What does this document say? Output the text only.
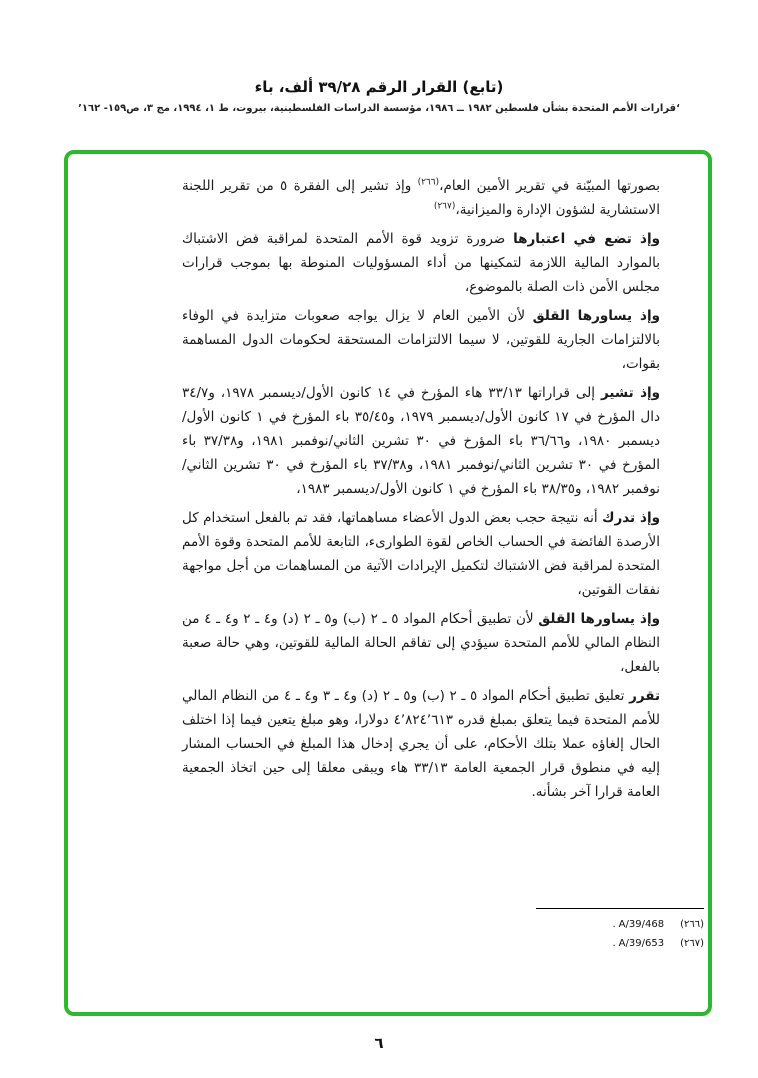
(تابع) القرار الرقم ٣٩/٢٨ ألف، باء
‘قرارات الأمم المتحدة بشأن فلسطين ١٩٨٢ ــ ١٩٨٦، مؤسسة الدراسات الفلسطينية، بيروت، ط ١، ١٩٩٤، مج ٣، ص١٥٩- ١٦٢’

بصورتها المبيّنة في تقرير الأمين العام،$^{(٢٦٦)}$ وإذ تشير إلى الفقرة ٥ من تقرير اللجنة الاستشارية لشؤون الإدارة والميزانية،$^{(٢٦٧)}$

وإذ تضع في اعتبارها ضرورة تزويد قوة الأمم المتحدة لمراقبة فض الاشتباك بالموارد المالية اللازمة لتمكينها من أداء المسؤوليات المنوطة بها بموجب قرارات مجلس الأمن ذات الصلة بالموضوع،

وإذ يساورها القلق لأن الأمين العام لا يزال يواجه صعوبات متزايدة في الوفاء بالالتزامات الجارية للقوتين، لا سيما الالتزامات المستحقة لحكومات الدول المساهمة بقوات،

وإذ تشير إلى قراراتها ٣٣/١٣ هاء المؤرخ في ١٤ كانون الأول/ديسمبر ١٩٧٨، و٣٤/٧ دال المؤرخ في ١٧ كانون الأول/ديسمبر ١٩٧٩، و٣٥/٤٥ باء المؤرخ في ١ كانون الأول/ديسمبر ١٩٨٠، و٣٦/٦٦ باء المؤرخ في ٣٠ تشرين الثاني/نوفمبر ١٩٨١، و٣٧/٣٨ باء المؤرخ في ٣٠ تشرين الثاني/نوفمبر ١٩٨١، و٣٧/٣٨ باء المؤرخ في ٣٠ تشرين الثاني/نوفمبر ١٩٨٢، و٣٨/٣٥ باء المؤرخ في ١ كانون الأول/ديسمبر ١٩٨٣،

وإذ تدرك أنه نتيجة حجب بعض الدول الأعضاء مساهماتها، فقد تم بالفعل استخدام كل الأرصدة الفائضة في الحساب الخاص لقوة الطوارىء، التابعة للأمم المتحدة وقوة الأمم المتحدة لمراقبة فض الاشتباك لتكميل الإيرادات الآتية من المساهمات من أجل مواجهة نفقات القوتين،

وإذ يساورها القلق لأن تطبيق أحكام المواد ٥ ـ ٢ (ب) و٥ ـ ٢ (د) و٤ ـ ٢ و٤ ـ ٤ من النظام المالي للأمم المتحدة سيؤدي إلى تفاقم الحالة المالية للقوتين، وهي حالة صعبة بالفعل،

تقرر تعليق تطبيق أحكام المواد ٥ ـ ٢ (ب) و٥ ـ ٢ (د) و٤ ـ ٣ و٤ ـ ٤ من النظام المالي للأمم المتحدة فيما يتعلق بمبلغ قدره ٤٬٨٢٤٬٦١٣ دولارا، وهو مبلغ يتعين فيما إذا اختلف الحال إلغاؤه عملا بتلك الأحكام، على أن يجري إدخال هذا المبلغ في الحساب المشار إليه في منطوق قرار الجمعية العامة ٣٣/١٣ هاء ويبقى معلقا إلى حين اتخاذ الجمعية العامة قرارا آخر بشأنه.

(٢٦٦)A/39/468.
(٢٦٧)A/39/653.
٦
